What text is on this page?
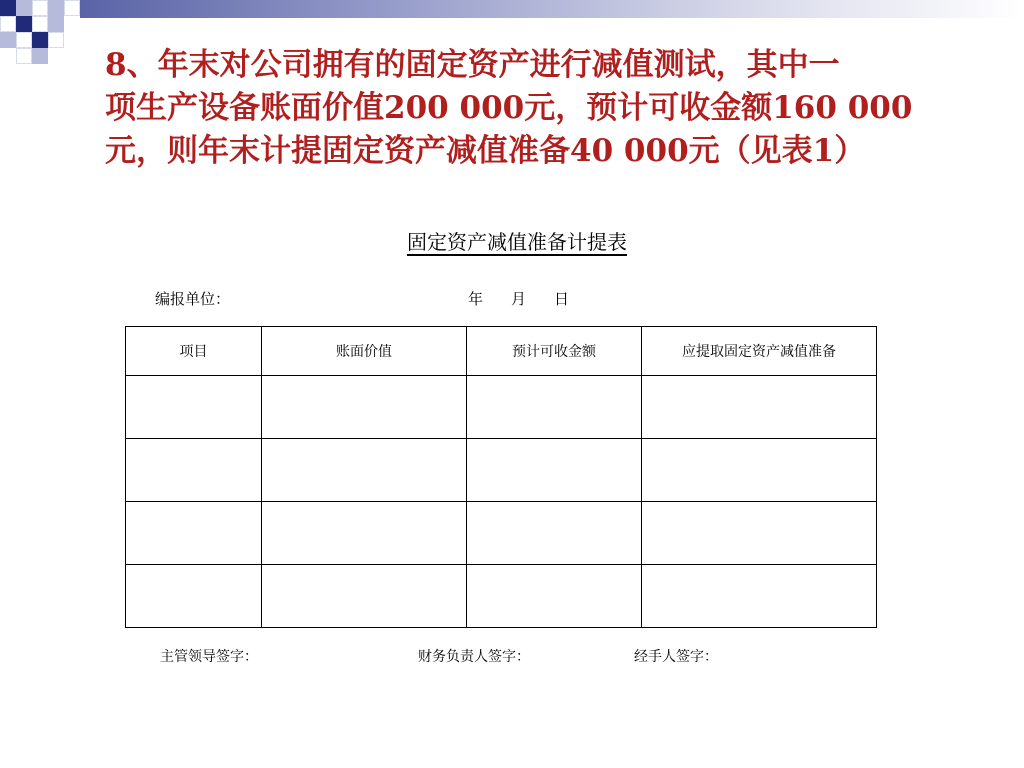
8、年末对公司拥有的固定资产进行减值测试，其中一
项生产设备账面价值200 000元，预计可收金额160 000
元，则年末计提固定资产减值准备40 000元（见表1）

固定资产减值准备计提表

编报单位：	年 月 日
项目	账面价值	预计可收金额	应提取固定资产减值准备

主管领导签字：	财务负责人签字：	经手人签字：
